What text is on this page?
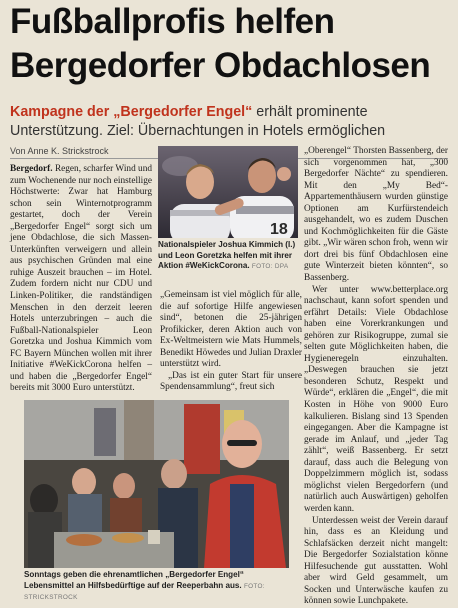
Fußballprofis helfen Bergedorfer Obdachlosen

Kampagne der „Bergedorfer Engel“ erhält prominente Unterstützung. Ziel: Übernachtungen in Hotels ermöglichen

Von Anne K. Strickstrock

Bergedorf. Regen, scharfer Wind und zum Wochenende nur noch einstellige Höchstwerte: Zwar hat Hamburg schon sein Winternotprogramm gestartet, doch der Verein „Bergedorfer Engel“ sorgt sich um jene Obdachlose, die sich Massen-Unterkünften verweigern und allein aus psychischen Gründen mal eine ruhige Auszeit brauchen – im Hotel. Zudem fordern nicht nur CDU und Linken-Politiker, die randständigen Menschen in den derzeit leeren Hotels unterzubringen – auch die Fußball-Nationalspieler Leon Goretzka und Joshua Kimmich vom FC Bayern München wollen mit ihrer Initiative #WeKickCorona helfen – und haben die „Bergedorfer Engel“ bereits mit 3000 Euro unterstützt.

18
Nationalspieler Joshua Kimmich (l.) und Leon Goretzka helfen mit ihrer Aktion #WeKickCorona. FOTO: DPA

„Gemeinsam ist viel möglich für alle, die auf sofortige Hilfe angewiesen sind“, betonen die 25-jährigen Profikicker, deren Aktion auch von Ex-Weltmeistern wie Mats Hummels, Benedikt Höwedes und Julian Draxler unterstützt wird.

„Das ist ein guter Start für unsere Spendensammlung“, freut sich

„Oberengel“ Thorsten Bassenberg, der sich vorgenommen hat, „300 Bergedorfer Nächte“ zu spendieren. Mit den „My Bed“-Appartementhäusern wurden günstige Optionen am Kurfürstendeich ausgehandelt, wo es zudem Duschen und Kochmöglichkeiten für die Gäste gibt. „Wir wären schon froh, wenn wir dort drei bis fünf Obdachlosen eine gute Winterzeit bieten könnten“, so Bassenberg.

Wer unter www.betterplace.org nachschaut, kann sofort spenden und erfährt Details: Viele Obdachlose haben eine Vorerkrankungen und gehören zur Risikogruppe, zumal sie selten gute Möglichkeiten haben, die Hygieneregeln einzuhalten. „Deswegen brauchen sie jetzt besonderen Schutz, Respekt und Würde“, erklären die „Engel“, die mit Kosten in Höhe von 9000 Euro kalkulieren. Bislang sind 13 Spenden eingegangen. Aber die Kampagne ist gerade im Anlauf, und „jeder Tag zählt“, weiß Bassenberg. Er setzt darauf, dass auch die Belegung von Doppelzimmern möglich ist, sodass möglichst vielen Bergedorfern (und natürlich auch Auswärtigen) geholfen werden kann.

Unterdessen weist der Verein darauf hin, dass es an Kleidung und Schlafsäcken derzeit nicht mangelt: Die Bergedorfer Sozialstation könne Hilfesuchende gut ausstatten. Wohl aber wird Geld gesammelt, um Socken und Unterwäsche kaufen zu können sowie Lunchpakete.

Sonntags geben die ehrenamtlichen „Bergedorfer Engel“ Lebensmittel an Hilfsbedürftige auf der Reeperbahn aus. FOTO: STRICKSTROCK
